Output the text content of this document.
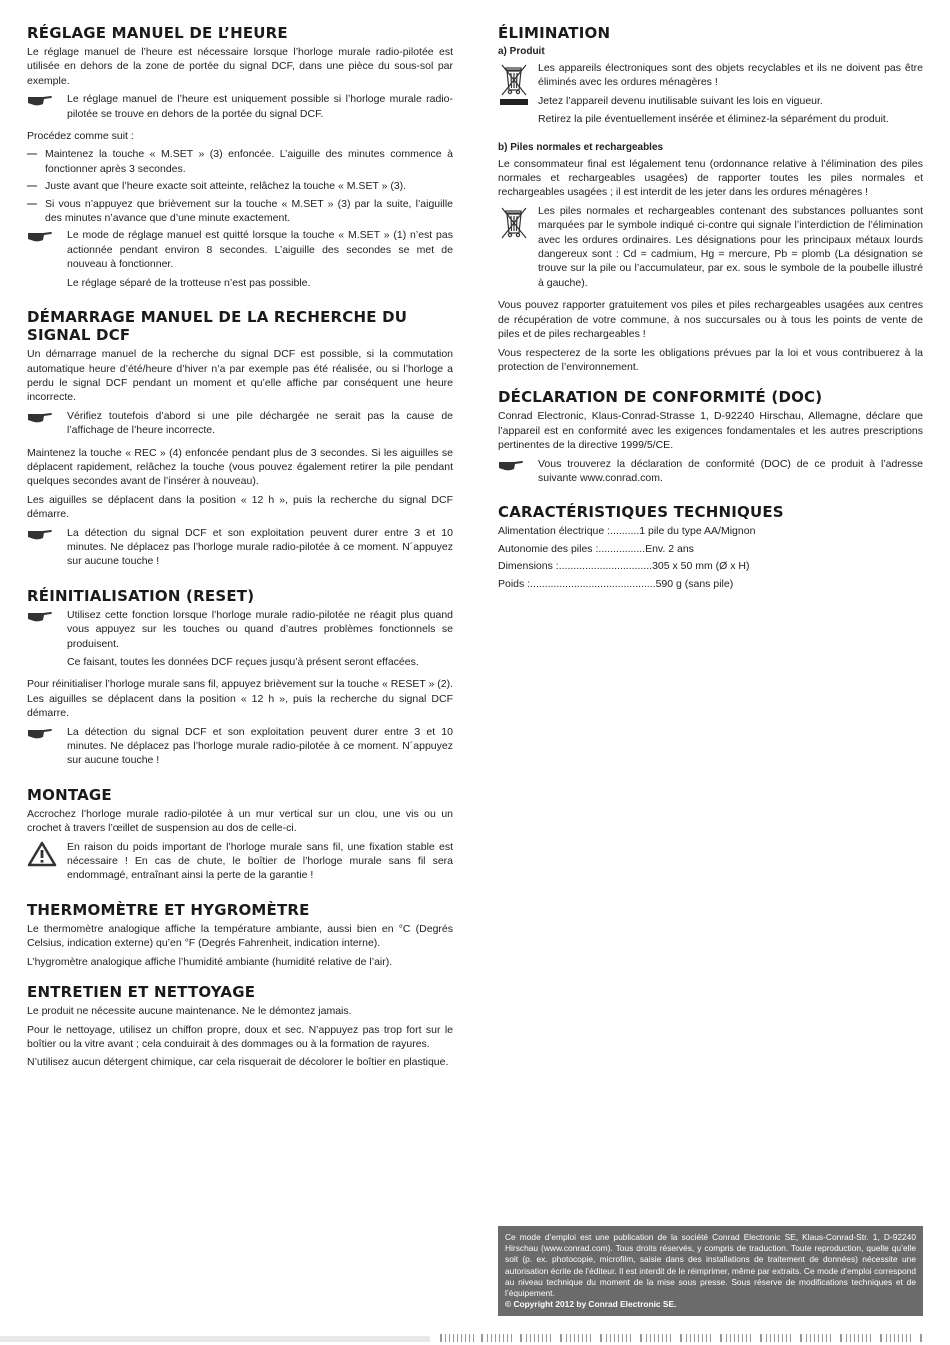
RÉGLAGE MANUEL DE L’HEURE

Le réglage manuel de l’heure est nécessaire lorsque l’horloge murale radio-pilotée est utilisée en dehors de la zone de portée du signal DCF, dans une pièce du sous-sol par exemple.

Le réglage manuel de l’heure est uniquement possible si l’horloge murale radio-pilotée se trouve en dehors de la portée du signal DCF.

Procédez comme suit :

Maintenez la touche « M.SET » (3) enfoncée. L’aiguille des minutes commence à fonctionner après 3 secondes.
Juste avant que l’heure exacte soit atteinte, relâchez la touche « M.SET » (3).
Si vous n’appuyez que brièvement sur la touche « M.SET » (3) par la suite, l’aiguille des minutes n’avance que d’une minute exactement.

Le mode de réglage manuel est quitté lorsque la touche « M.SET » (1) n’est pas actionnée pendant environ 8 secondes. L’aiguille des secondes se met de nouveau à fonctionner.

Le réglage séparé de la trotteuse n’est pas possible.

DÉMARRAGE MANUEL DE LA RECHERCHE DU SIGNAL DCF

Un démarrage manuel de la recherche du signal DCF est possible, si la commutation automatique heure d’été/heure d’hiver n’a par exemple pas été réalisée, ou si l’horloge a perdu le signal DCF pendant un moment et qu’elle affiche par conséquent une heure incorrecte.

Vérifiez toutefois d’abord si une pile déchargée ne serait pas la cause de l’affichage de l’heure incorrecte.

Maintenez la touche « REC » (4) enfoncée pendant plus de 3 secondes. Si les aiguilles se déplacent rapidement, relâchez la touche (vous pouvez également retirer la pile pendant quelques secondes avant de l’insérer à nouveau).

Les aiguilles se déplacent dans la position « 12 h », puis la recherche du signal DCF démarre.

La détection du signal DCF et son exploitation peuvent durer entre 3 et 10 minutes. Ne déplacez pas l’horloge murale radio-pilotée à ce moment. N´appuyez sur aucune touche !

RÉINITIALISATION (RESET)

Utilisez cette fonction lorsque l’horloge murale radio-pilotée ne réagit plus quand vous appuyez sur les touches ou quand d’autres problèmes fonctionnels se produisent.

Ce faisant, toutes les données DCF reçues jusqu’à présent seront effacées.

Pour réinitialiser l’horloge murale sans fil, appuyez brièvement sur la touche « RESET » (2). Les aiguilles se déplacent dans la position « 12 h », puis la recherche du signal DCF démarre.

La détection du signal DCF et son exploitation peuvent durer entre 3 et 10 minutes. Ne déplacez pas l’horloge murale radio-pilotée à ce moment. N´appuyez sur aucune touche !

MONTAGE

Accrochez l’horloge murale radio-pilotée à un mur vertical sur un clou, une vis ou un crochet à travers l’œillet de suspension au dos de celle-ci.

En raison du poids important de l’horloge murale sans fil, une fixation stable est nécessaire ! En cas de chute, le boîtier de l’horloge murale sans fil sera endommagé, entraînant ainsi la perte de la garantie !

THERMOMÈTRE ET HYGROMÈTRE

Le thermomètre analogique affiche la température ambiante, aussi bien en °C (Degrés Celsius, indication externe) qu’en °F (Degrés Fahrenheit, indication interne).

L’hygromètre analogique affiche l’humidité ambiante (humidité relative de l’air).

ENTRETIEN ET NETTOYAGE

Le produit ne nécessite aucune maintenance. Ne le démontez jamais.

Pour le nettoyage, utilisez un chiffon propre, doux et sec. N’appuyez pas trop fort sur le boîtier ou la vitre avant ; cela conduirait à des dommages ou à la formation de rayures.

N’utilisez aucun détergent chimique, car cela risquerait de décolorer le boîtier en plastique.

ÉLIMINATION
a) Produit

Les appareils électroniques sont des objets recyclables et ils ne doivent pas être éliminés avec les ordures ménagères !

Jetez l’appareil devenu inutilisable suivant les lois en vigueur.

Retirez la pile éventuellement insérée et éliminez-la séparément du produit.

b) Piles normales et rechargeables

Le consommateur final est légalement tenu (ordonnance relative à l’élimination des piles normales et rechargeables usagées) de rapporter toutes les piles normales et rechargeables usagées ; il est interdit de les jeter dans les ordures ménagères !

Les piles normales et rechargeables contenant des substances polluantes sont marquées par le symbole indiqué ci-contre qui signale l’interdiction de l’élimination avec les ordures ordinaires. Les désignations pour les principaux métaux lourds dangereux sont : Cd = cadmium, Hg = mercure, Pb = plomb (La désignation se trouve sur la pile ou l’accumulateur, par ex. sous le symbole de la poubelle illustré à gauche).

Vous pouvez rapporter gratuitement vos piles et piles rechargeables usagées aux centres de récupération de votre commune, à nos succursales ou à tous les points de vente de piles et de piles rechargeables !

Vous respecterez de la sorte les obligations prévues par la loi et vous contribuerez à la protection de l’environnement.

DÉCLARATION DE CONFORMITÉ (DOC)

Conrad Electronic, Klaus-Conrad-Strasse 1, D-92240 Hirschau, Allemagne, déclare que l’appareil est en conformité avec les exigences fondamentales et les autres prescriptions pertinentes de la directive 1999/5/CE.

Vous trouverez la déclaration de conformité (DOC) de ce produit à l’adresse suivante www.conrad.com.

CARACTÉRISTIQUES TECHNIQUES
Alimentation électrique : .......... 1 pile du type AA/Mignon
Autonomie des piles : ................ Env. 2 ans
Dimensions : ................................ 305 x 50 mm (Ø x H)
Poids : ........................................... 590 g (sans pile)
Ce mode d’emploi est une publication de la société Conrad Electronic SE, Klaus-Conrad-Str. 1, D-92240 Hirschau (www.conrad.com). Tous droits réservés, y compris de traduction. Toute reproduction, quelle qu’elle soit (p. ex. photocopie, microfilm, saisie dans des installations de traitement de données) nécessite une autorisation écrite de l’éditeur. Il est interdit de le réimprimer, même par extraits. Ce mode d’emploi correspond au niveau technique du moment de la mise sous presse. Sous réserve de modifications techniques et de l’équipement.
© Copyright 2012 by Conrad Electronic SE.
